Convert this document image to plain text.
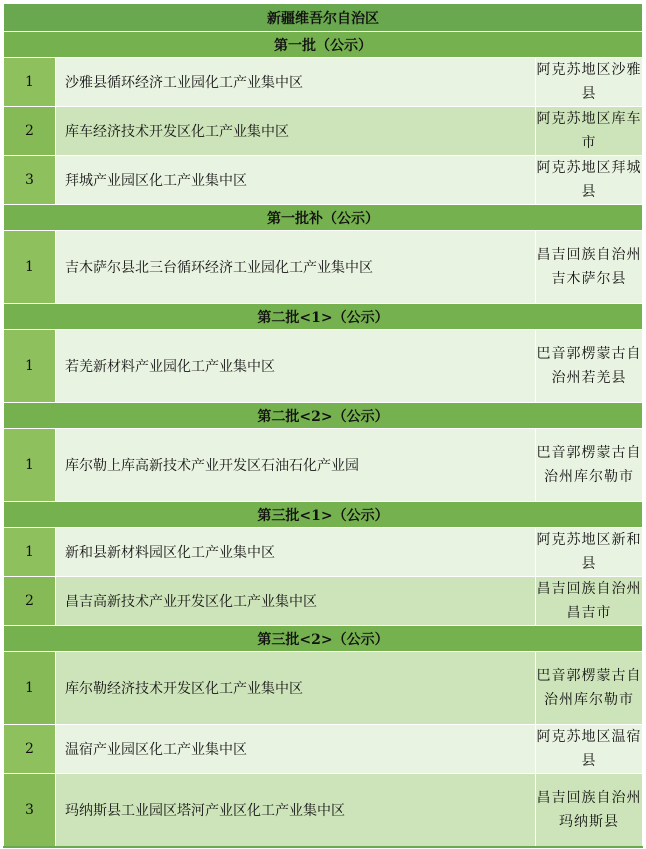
新疆维吾尔自治区		
第一批（公示）		
1	沙雅县循环经济工业园化工产业集中区	阿克苏地区沙雅县
2	库车经济技术开发区化工产业集中区	阿克苏地区库车市
3	拜城产业园区化工产业集中区	阿克苏地区拜城县
第一批补（公示）		
1	吉木萨尔县北三台循环经济工业园化工产业集中区	昌吉回族自治州吉木萨尔县
第二批<1>（公示）		
1	若羌新材料产业园化工产业集中区	巴音郭楞蒙古自治州若羌县
第二批<2>（公示）		
1	库尔勒上库高新技术产业开发区石油石化产业园	巴音郭楞蒙古自治州库尔勒市
第三批<1>（公示）		
1	新和县新材料园区化工产业集中区	阿克苏地区新和县
2	昌吉高新技术产业开发区化工产业集中区	昌吉回族自治州昌吉市
第三批<2>（公示）		
1	库尔勒经济技术开发区化工产业集中区	巴音郭楞蒙古自治州库尔勒市
2	温宿产业园区化工产业集中区	阿克苏地区温宿县
3	玛纳斯县工业园区塔河产业区化工产业集中区	昌吉回族自治州玛纳斯县
